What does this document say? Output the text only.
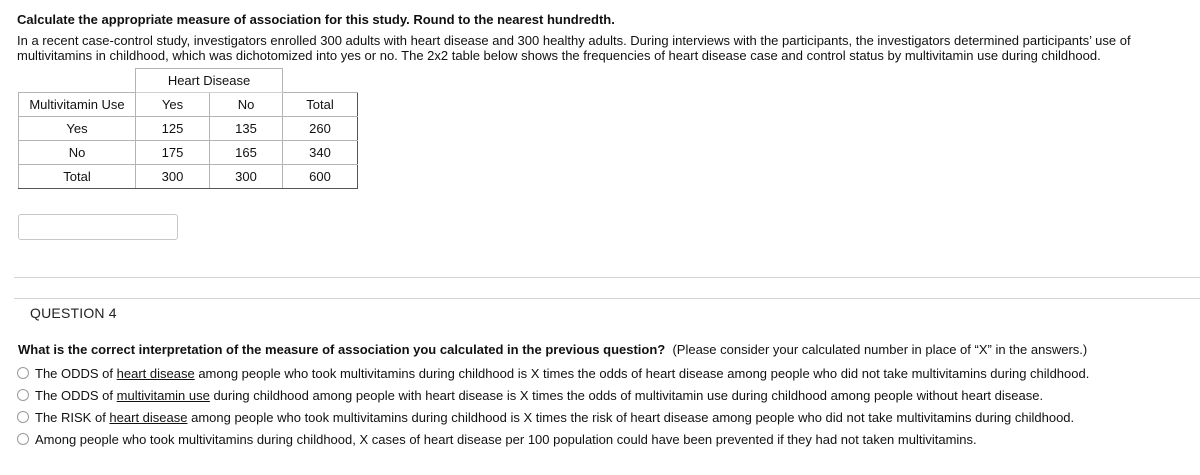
Calculate the appropriate measure of association for this study. Round to the nearest hundredth.
In a recent case-control study, investigators enrolled 300 adults with heart disease and 300 healthy adults. During interviews with the participants, the investigators determined participants’ use of multivitamins in childhood, which was dichotomized into yes or no. The 2x2 table below shows the frequencies of heart disease case and control status by multivitamin use during childhood.
	Heart Disease		
Multivitamin Use	Yes	No	Total
Yes	125	135	260
No	175	165	340
Total	300	300	600
QUESTION 4
What is the correct interpretation of the measure of association you calculated in the previous question?  (Please consider your calculated number in place of “X” in the answers.)
The ODDS of heart disease among people who took multivitamins during childhood is X times the odds of heart disease among people who did not take multivitamins during childhood.
The ODDS of multivitamin use during childhood among people with heart disease is X times the odds of multivitamin use during childhood among people without heart disease.
The RISK of heart disease among people who took multivitamins during childhood is X times the risk of heart disease among people who did not take multivitamins during childhood.
Among people who took multivitamins during childhood, X cases of heart disease per 100 population could have been prevented if they had not taken multivitamins.
